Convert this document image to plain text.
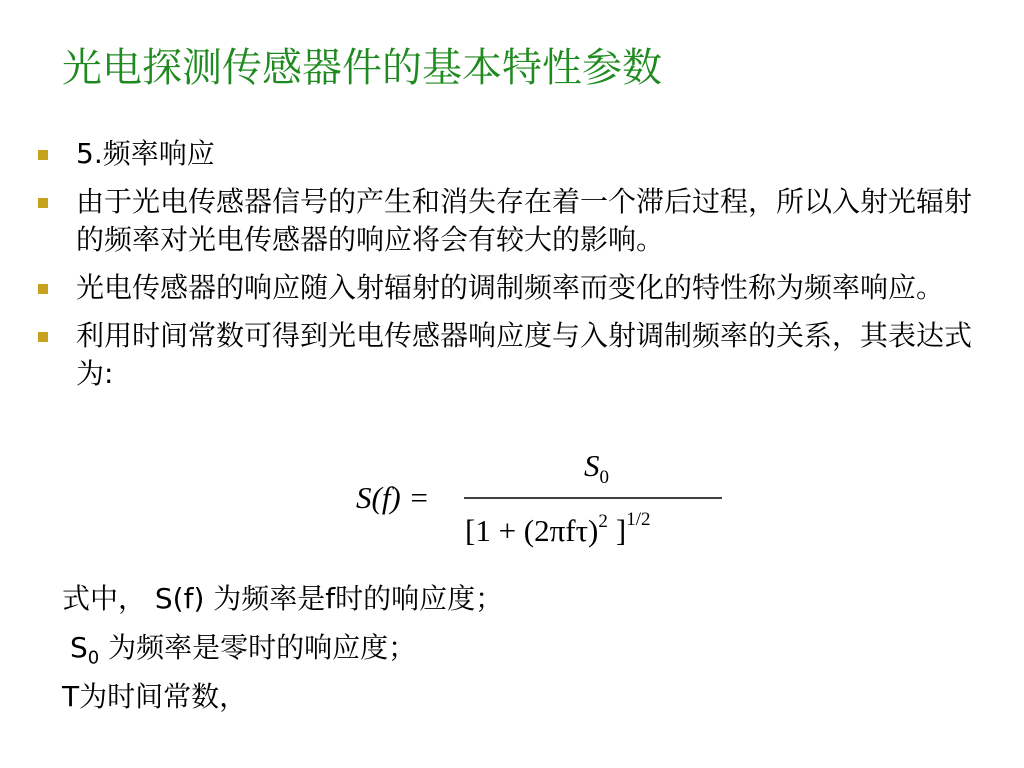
光电探测传感器件的基本特性参数
5.频率响应
由于光电传感器信号的产生和消失存在着一个滞后过程，所以入射光辐射的频率对光电传感器的响应将会有较大的影响。
光电传感器的响应随入射辐射的调制频率而变化的特性称为频率响应。
利用时间常数可得到光电传感器响应度与入射调制频率的关系，其表达式为:
S(f) =
$S_0$
[$1 + (2\pi f\tau)^2$ ]$^{1/2}$
式中， S(f) 为频率是f时的响应度；
$S_0$ 为频率是零时的响应度；
T为时间常数，
